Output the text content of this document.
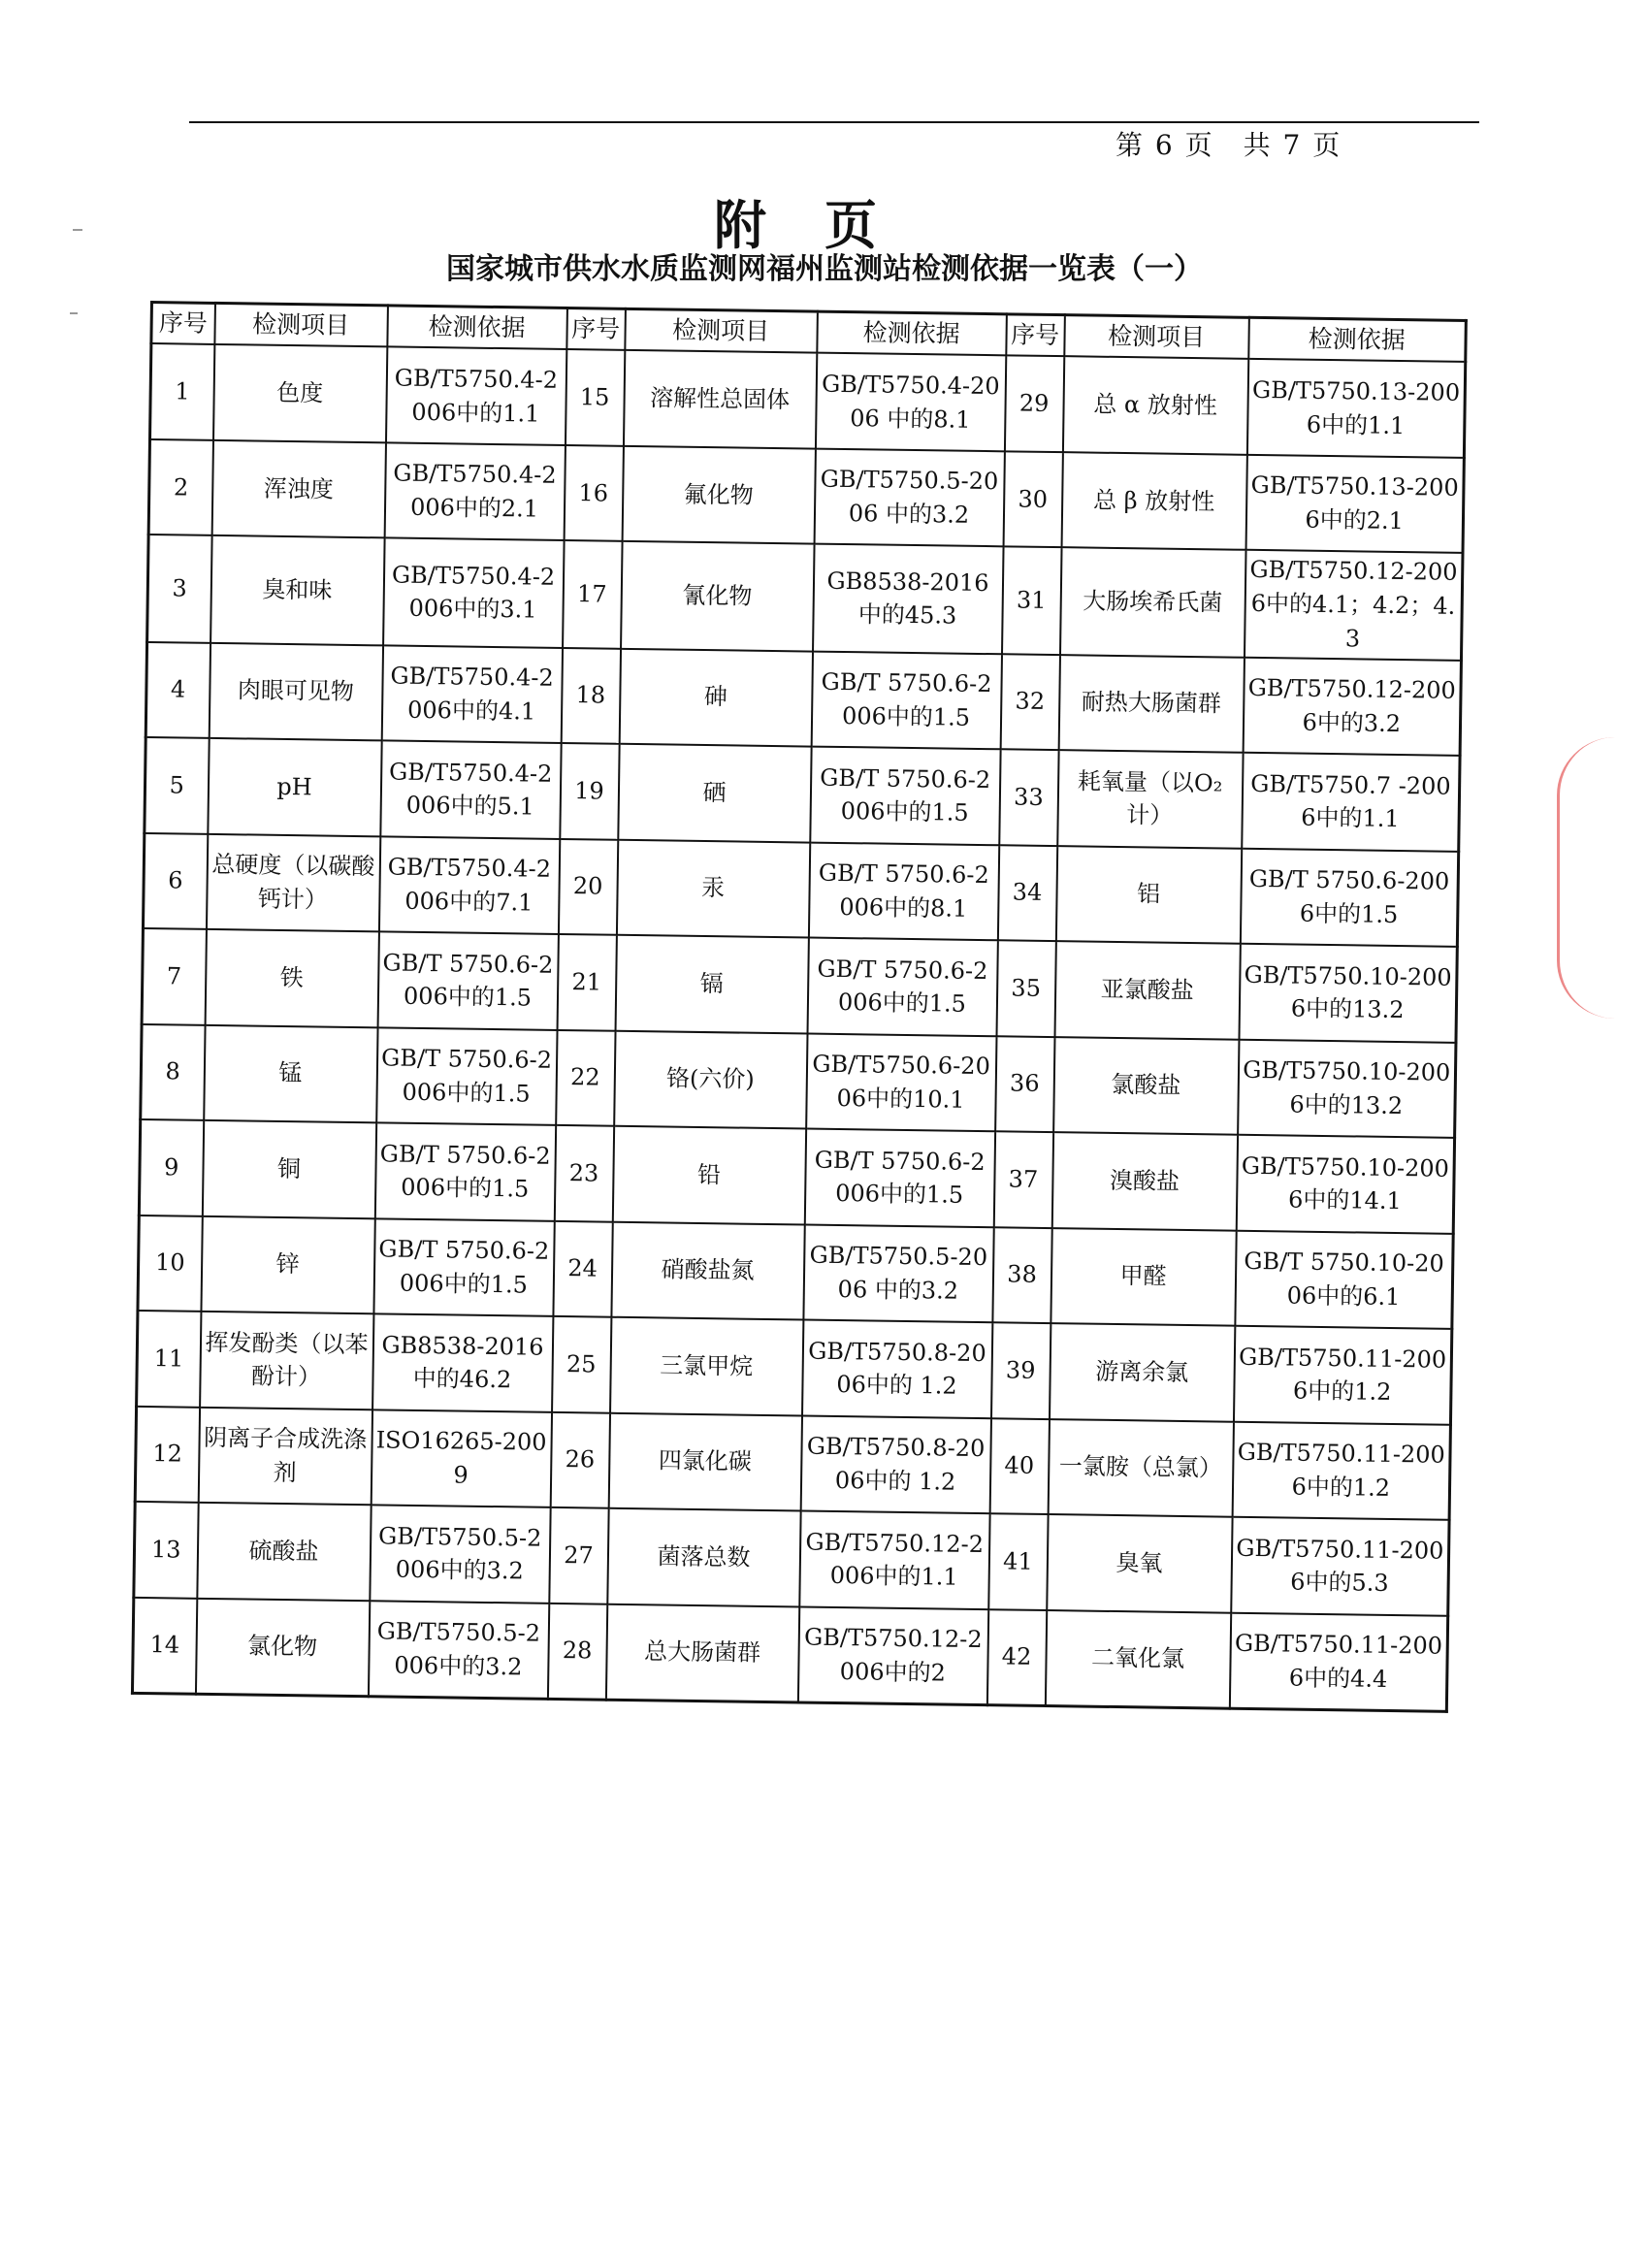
第 6 页　共 7 页
附页
国家城市供水水质监测网福州监测站检测依据一览表（一）
序号	检测项目	检测依据	序号	检测项目	检测依据	序号	检测项目	检测依据
1	色度	GB/T5750.4-2006中的1.1	15	溶解性总固体	GB/T5750.4-2006 中的8.1	29	总 α 放射性	GB/T5750.13-2006中的1.1
2	浑浊度	GB/T5750.4-2006中的2.1	16	氟化物	GB/T5750.5-2006 中的3.2	30	总 β 放射性	GB/T5750.13-2006中的2.1
3	臭和味	GB/T5750.4-2006中的3.1	17	氰化物	GB8538-2016中的45.3	31	大肠埃希氏菌	GB/T5750.12-2006中的4.1；4.2；4.3
4	肉眼可见物	GB/T5750.4-2006中的4.1	18	砷	GB/T 5750.6-2006中的1.5	32	耐热大肠菌群	GB/T5750.12-2006中的3.2
5	pH	GB/T5750.4-2006中的5.1	19	硒	GB/T 5750.6-2006中的1.5	33	耗氧量（以O₂计）	GB/T5750.7 -2006中的1.1
6	总硬度（以碳酸钙计）	GB/T5750.4-2006中的7.1	20	汞	GB/T 5750.6-2006中的8.1	34	铝	GB/T 5750.6-2006中的1.5
7	铁	GB/T 5750.6-2006中的1.5	21	镉	GB/T 5750.6-2006中的1.5	35	亚氯酸盐	GB/T5750.10-2006中的13.2
8	锰	GB/T 5750.6-2006中的1.5	22	铬(六价)	GB/T5750.6-2006中的10.1	36	氯酸盐	GB/T5750.10-2006中的13.2
9	铜	GB/T 5750.6-2006中的1.5	23	铅	GB/T 5750.6-2006中的1.5	37	溴酸盐	GB/T5750.10-2006中的14.1
10	锌	GB/T 5750.6-2006中的1.5	24	硝酸盐氮	GB/T5750.5-2006 中的3.2	38	甲醛	GB/T 5750.10-2006中的6.1
11	挥发酚类（以苯酚计）	GB8538-2016中的46.2	25	三氯甲烷	GB/T5750.8-2006中的 1.2	39	游离余氯	GB/T5750.11-2006中的1.2
12	阴离子合成洗涤剂	ISO16265-2009	26	四氯化碳	GB/T5750.8-2006中的 1.2	40	一氯胺（总氯）	GB/T5750.11-2006中的1.2
13	硫酸盐	GB/T5750.5-2006中的3.2	27	菌落总数	GB/T5750.12-2006中的1.1	41	臭氧	GB/T5750.11-2006中的5.3
14	氯化物	GB/T5750.5-2006中的3.2	28	总大肠菌群	GB/T5750.12-2006中的2	42	二氧化氯	GB/T5750.11-2006中的4.4
